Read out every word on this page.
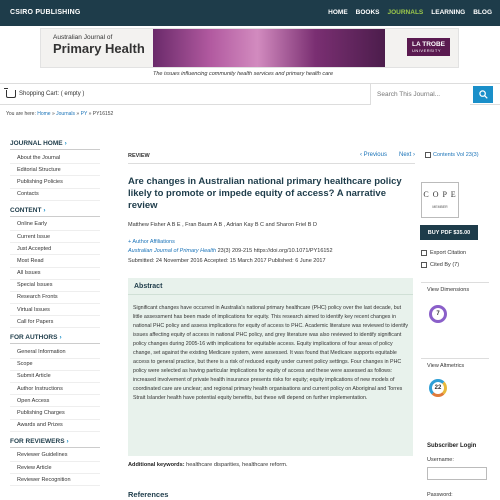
CSIRO PUBLISHING	HOME BOOKS JOURNALS LEARNING BLOG
Australian Journal of
Primary Health	LA TROBE
UNIVERSITY
The issues influencing community health services and primary health care
Shopping Cart: ( empty )
Search This Journal...
You are here: Home » Journals » PY » PY16152
JOURNAL HOME ›
About the Journal
Editorial Structure
Publishing Policies
Contacts
CONTENT ›
Online Early
Current Issue
Just Accepted
Most Read
All Issues
Special Issues
Research Fronts
Virtual Issues
Call for Papers
FOR AUTHORS ›
General Information
Scope
Submit Article
Author Instructions
Open Access
Publishing Charges
Awards and Prizes
FOR REVIEWERS ›
Reviewer Guidelines
Review Article
Reviewer Recognition
REVIEW	‹ Previous Next ›	Contents Vol 23(3)
Are changes in Australian national primary healthcare policy likely to promote or impede equity of access? A narrative review
Matthew Fisher A B E , Fran Baum A B , Adrian Kay B C and Sharon Friel B D
+ Author Affiliations
Australian Journal of Primary Health 23(3) 209-215 https://doi.org/10.1071/PY16152
Submitted: 24 November 2016 Accepted: 15 March 2017 Published: 6 June 2017
Abstract
Significant changes have occurred in Australia's national primary healthcare (PHC) policy over the last decade, but little assessment has been made of implications for equity. This research aimed to identify key recent changes in national PHC policy and assess implications for equity of access to PHC. Academic literature was reviewed to identify issues affecting equity of access in national PHC policy, and grey literature was also reviewed to identify significant policy changes during 2005-16 with implications for equitable access. Equity implications of four areas of policy change, set against the existing Medicare system, were assessed. It was found that Medicare supports equitable access to general practice, but there is a risk of reduced equity under current policy settings. Four changes in PHC policy were selected as having particular implications for equity of access and these were assessed as follows: increased involvement of private health insurance presents risks for equity; equity implications of new models of coordinated care are unclear; and regional primary health organisations and current policy on Aboriginal and Torres Strait Islander health have potential equity benefits, but these will depend on further implementation.
Additional keywords: healthcare disparities, healthcare reform.
References
C O P E
MEMBER
BUY PDF $35.00
Export Citation
Cited By (7)
View Dimensions
7
View Altmetrics
22
Subscriber Login
Username:
Password:
